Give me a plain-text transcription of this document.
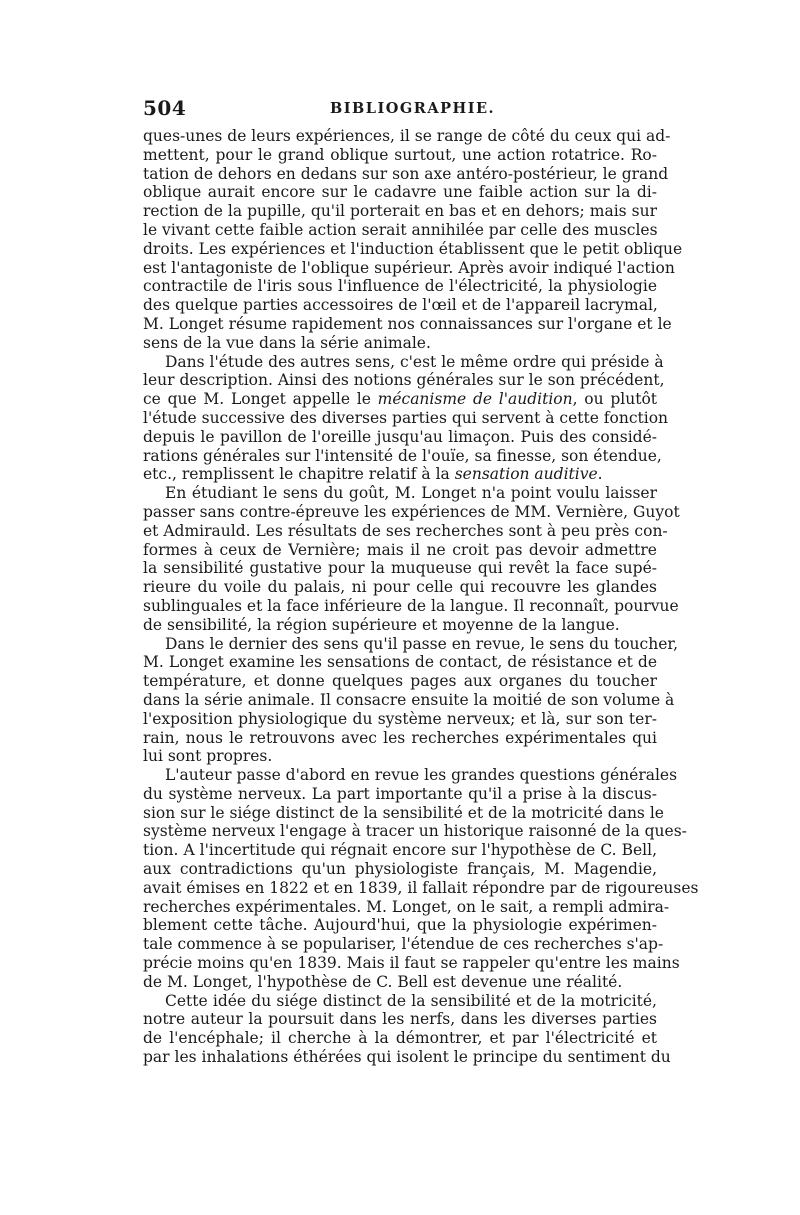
504	BIBLIOGRAPHIE.
ques-unes de leurs expériences, il se range de côté du ceux qui ad-
mettent, pour le grand oblique surtout, une action rotatrice. Ro-
tation de dehors en dedans sur son axe antéro-postérieur, le grand
oblique aurait encore sur le cadavre une faible action sur la di-
rection de la pupille, qu'il porterait en bas et en dehors; mais sur
le vivant cette faible action serait annihilée par celle des muscles
droits. Les expériences et l'induction établissent que le petit oblique
est l'antagoniste de l'oblique supérieur. Après avoir indiqué l'action
contractile de l'iris sous l'influence de l'électricité, la physiologie
des quelque parties accessoires de l'œil et de l'appareil lacrymal,
M. Longet résume rapidement nos connaissances sur l'organe et le
sens de la vue dans la série animale.
Dans l'étude des autres sens, c'est le même ordre qui préside à
leur description. Ainsi des notions générales sur le son précédent,
ce que M. Longet appelle le mécanisme de l'audition, ou plutôt
l'étude successive des diverses parties qui servent à cette fonction
depuis le pavillon de l'oreille jusqu'au limaçon. Puis des considé-
rations générales sur l'intensité de l'ouïe, sa finesse, son étendue,
etc., remplissent le chapitre relatif à la sensation auditive.
En étudiant le sens du goût, M. Longet n'a point voulu laisser
passer sans contre-épreuve les expériences de MM. Vernière, Guyot
et Admirauld. Les résultats de ses recherches sont à peu près con-
formes à ceux de Vernière; mais il ne croit pas devoir admettre
la sensibilité gustative pour la muqueuse qui revêt la face supé-
rieure du voile du palais, ni pour celle qui recouvre les glandes
sublinguales et la face inférieure de la langue. Il reconnaît, pourvue
de sensibilité, la région supérieure et moyenne de la langue.
Dans le dernier des sens qu'il passe en revue, le sens du toucher,
M. Longet examine les sensations de contact, de résistance et de
température, et donne quelques pages aux organes du toucher
dans la série animale. Il consacre ensuite la moitié de son volume à
l'exposition physiologique du système nerveux; et là, sur son ter-
rain, nous le retrouvons avec les recherches expérimentales qui
lui sont propres.
L'auteur passe d'abord en revue les grandes questions générales
du système nerveux. La part importante qu'il a prise à la discus-
sion sur le siége distinct de la sensibilité et de la motricité dans le
système nerveux l'engage à tracer un historique raisonné de la ques-
tion. A l'incertitude qui régnait encore sur l'hypothèse de C. Bell,
aux contradictions qu'un physiologiste français, M. Magendie,
avait émises en 1822 et en 1839, il fallait répondre par de rigoureuses
recherches expérimentales. M. Longet, on le sait, a rempli admira-
blement cette tâche. Aujourd'hui, que la physiologie expérimen-
tale commence à se populariser, l'étendue de ces recherches s'ap-
précie moins qu'en 1839. Mais il faut se rappeler qu'entre les mains
de M. Longet, l'hypothèse de C. Bell est devenue une réalité.
Cette idée du siége distinct de la sensibilité et de la motricité,
notre auteur la poursuit dans les nerfs, dans les diverses parties
de l'encéphale; il cherche à la démontrer, et par l'électricité et
par les inhalations éthérées qui isolent le principe du sentiment du
